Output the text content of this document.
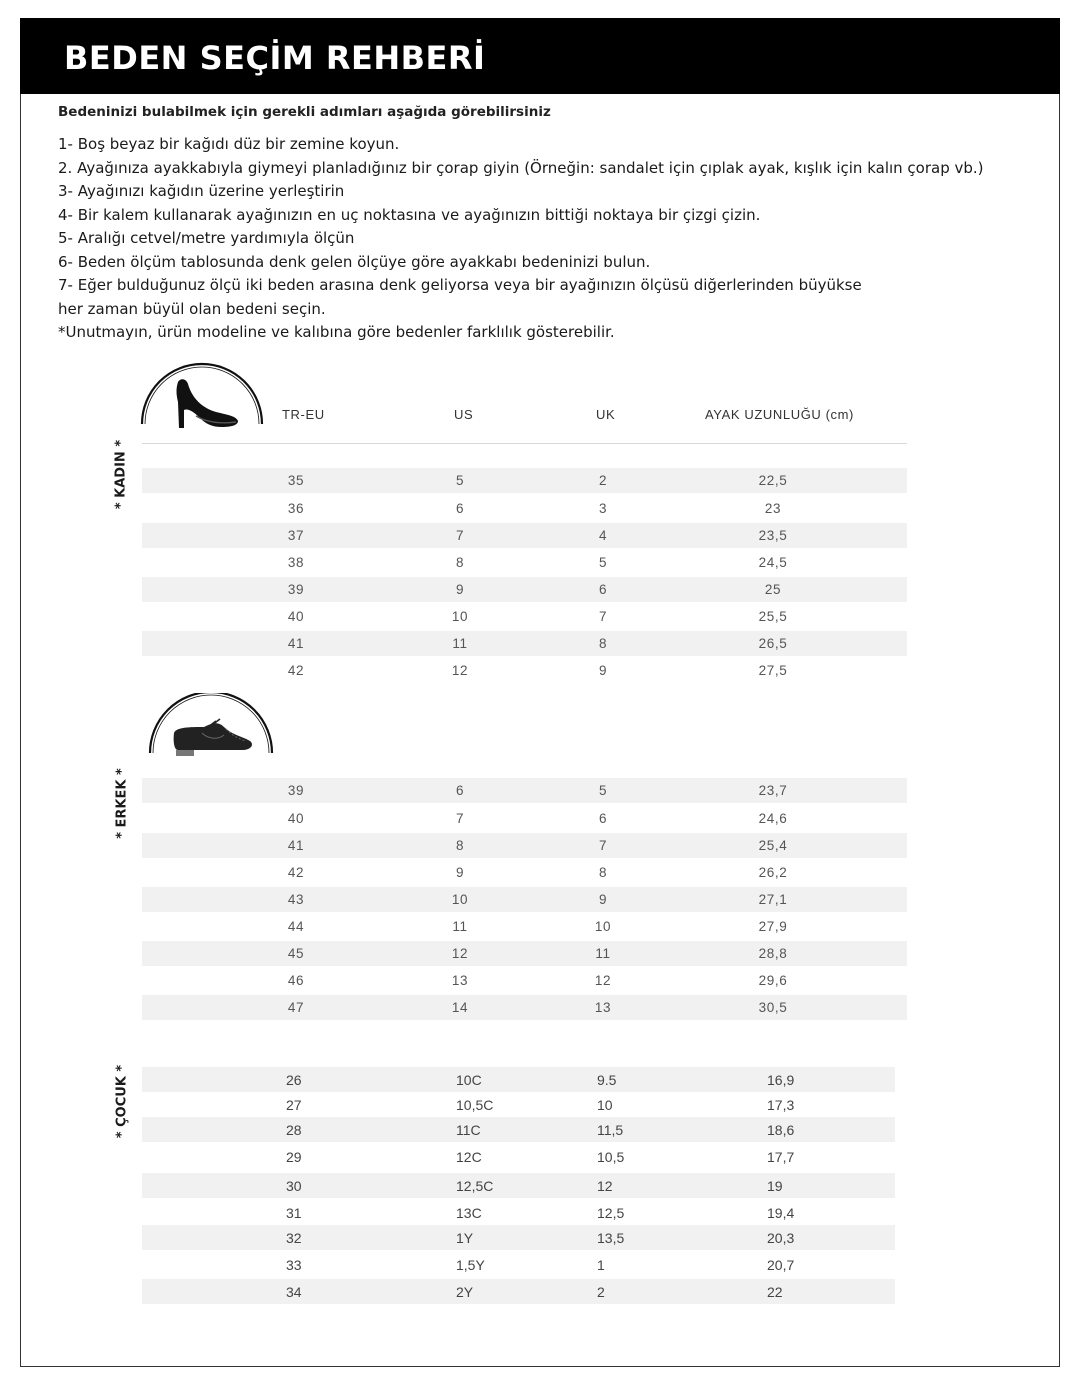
BEDEN SEÇİM REHBERİ
Bedeninizi bulabilmek için gerekli adımları aşağıda görebilirsiniz
1- Boş beyaz bir kağıdı düz bir zemine koyun.
2. Ayağınıza ayakkabıyla giymeyi planladığınız bir çorap giyin (Örneğin: sandalet için çıplak ayak, kışlık için kalın çorap vb.)
3- Ayağınızı kağıdın üzerine yerleştirin
4- Bir kalem kullanarak ayağınızın en uç noktasına ve ayağınızın bittiği noktaya bir çizgi çizin.
5- Aralığı cetvel/metre yardımıyla ölçün
6- Beden ölçüm tablosunda denk gelen ölçüye göre ayakkabı bedeninizi bulun.
7- Eğer bulduğunuz ölçü iki beden arasına denk geliyorsa veya bir ayağınızın ölçüsü diğerlerinden büyükse
her zaman büyül olan bedeni seçin.
*Unutmayın, ürün modeline ve kalıbına göre bedenler farklılık gösterebilir.
TR-EU	US	UK	AYAK UZUNLUĞU (cm)
* KADIN *
* ERKEK *
* ÇOCUK *
35	5	2	22,5
36	6	3	23
37	7	4	23,5
38	8	5	24,5
39	9	6	25
40	10	7	25,5
41	11	8	26,5
42	12	9	27,5
39	6	5	23,7
40	7	6	24,6
41	8	7	25,4
42	9	8	26,2
43	10	9	27,1
44	11	10	27,9
45	12	11	28,8
46	13	12	29,6
47	14	13	30,5
26	10C	9.5	16,9
27	10,5C	10	17,3
28	11C	11,5	18,6
29	12C	10,5	17,7
30	12,5C	12	19
31	13C	12,5	19,4
32	1Y	13,5	20,3
33	1,5Y	1	20,7
34	2Y	2	22
